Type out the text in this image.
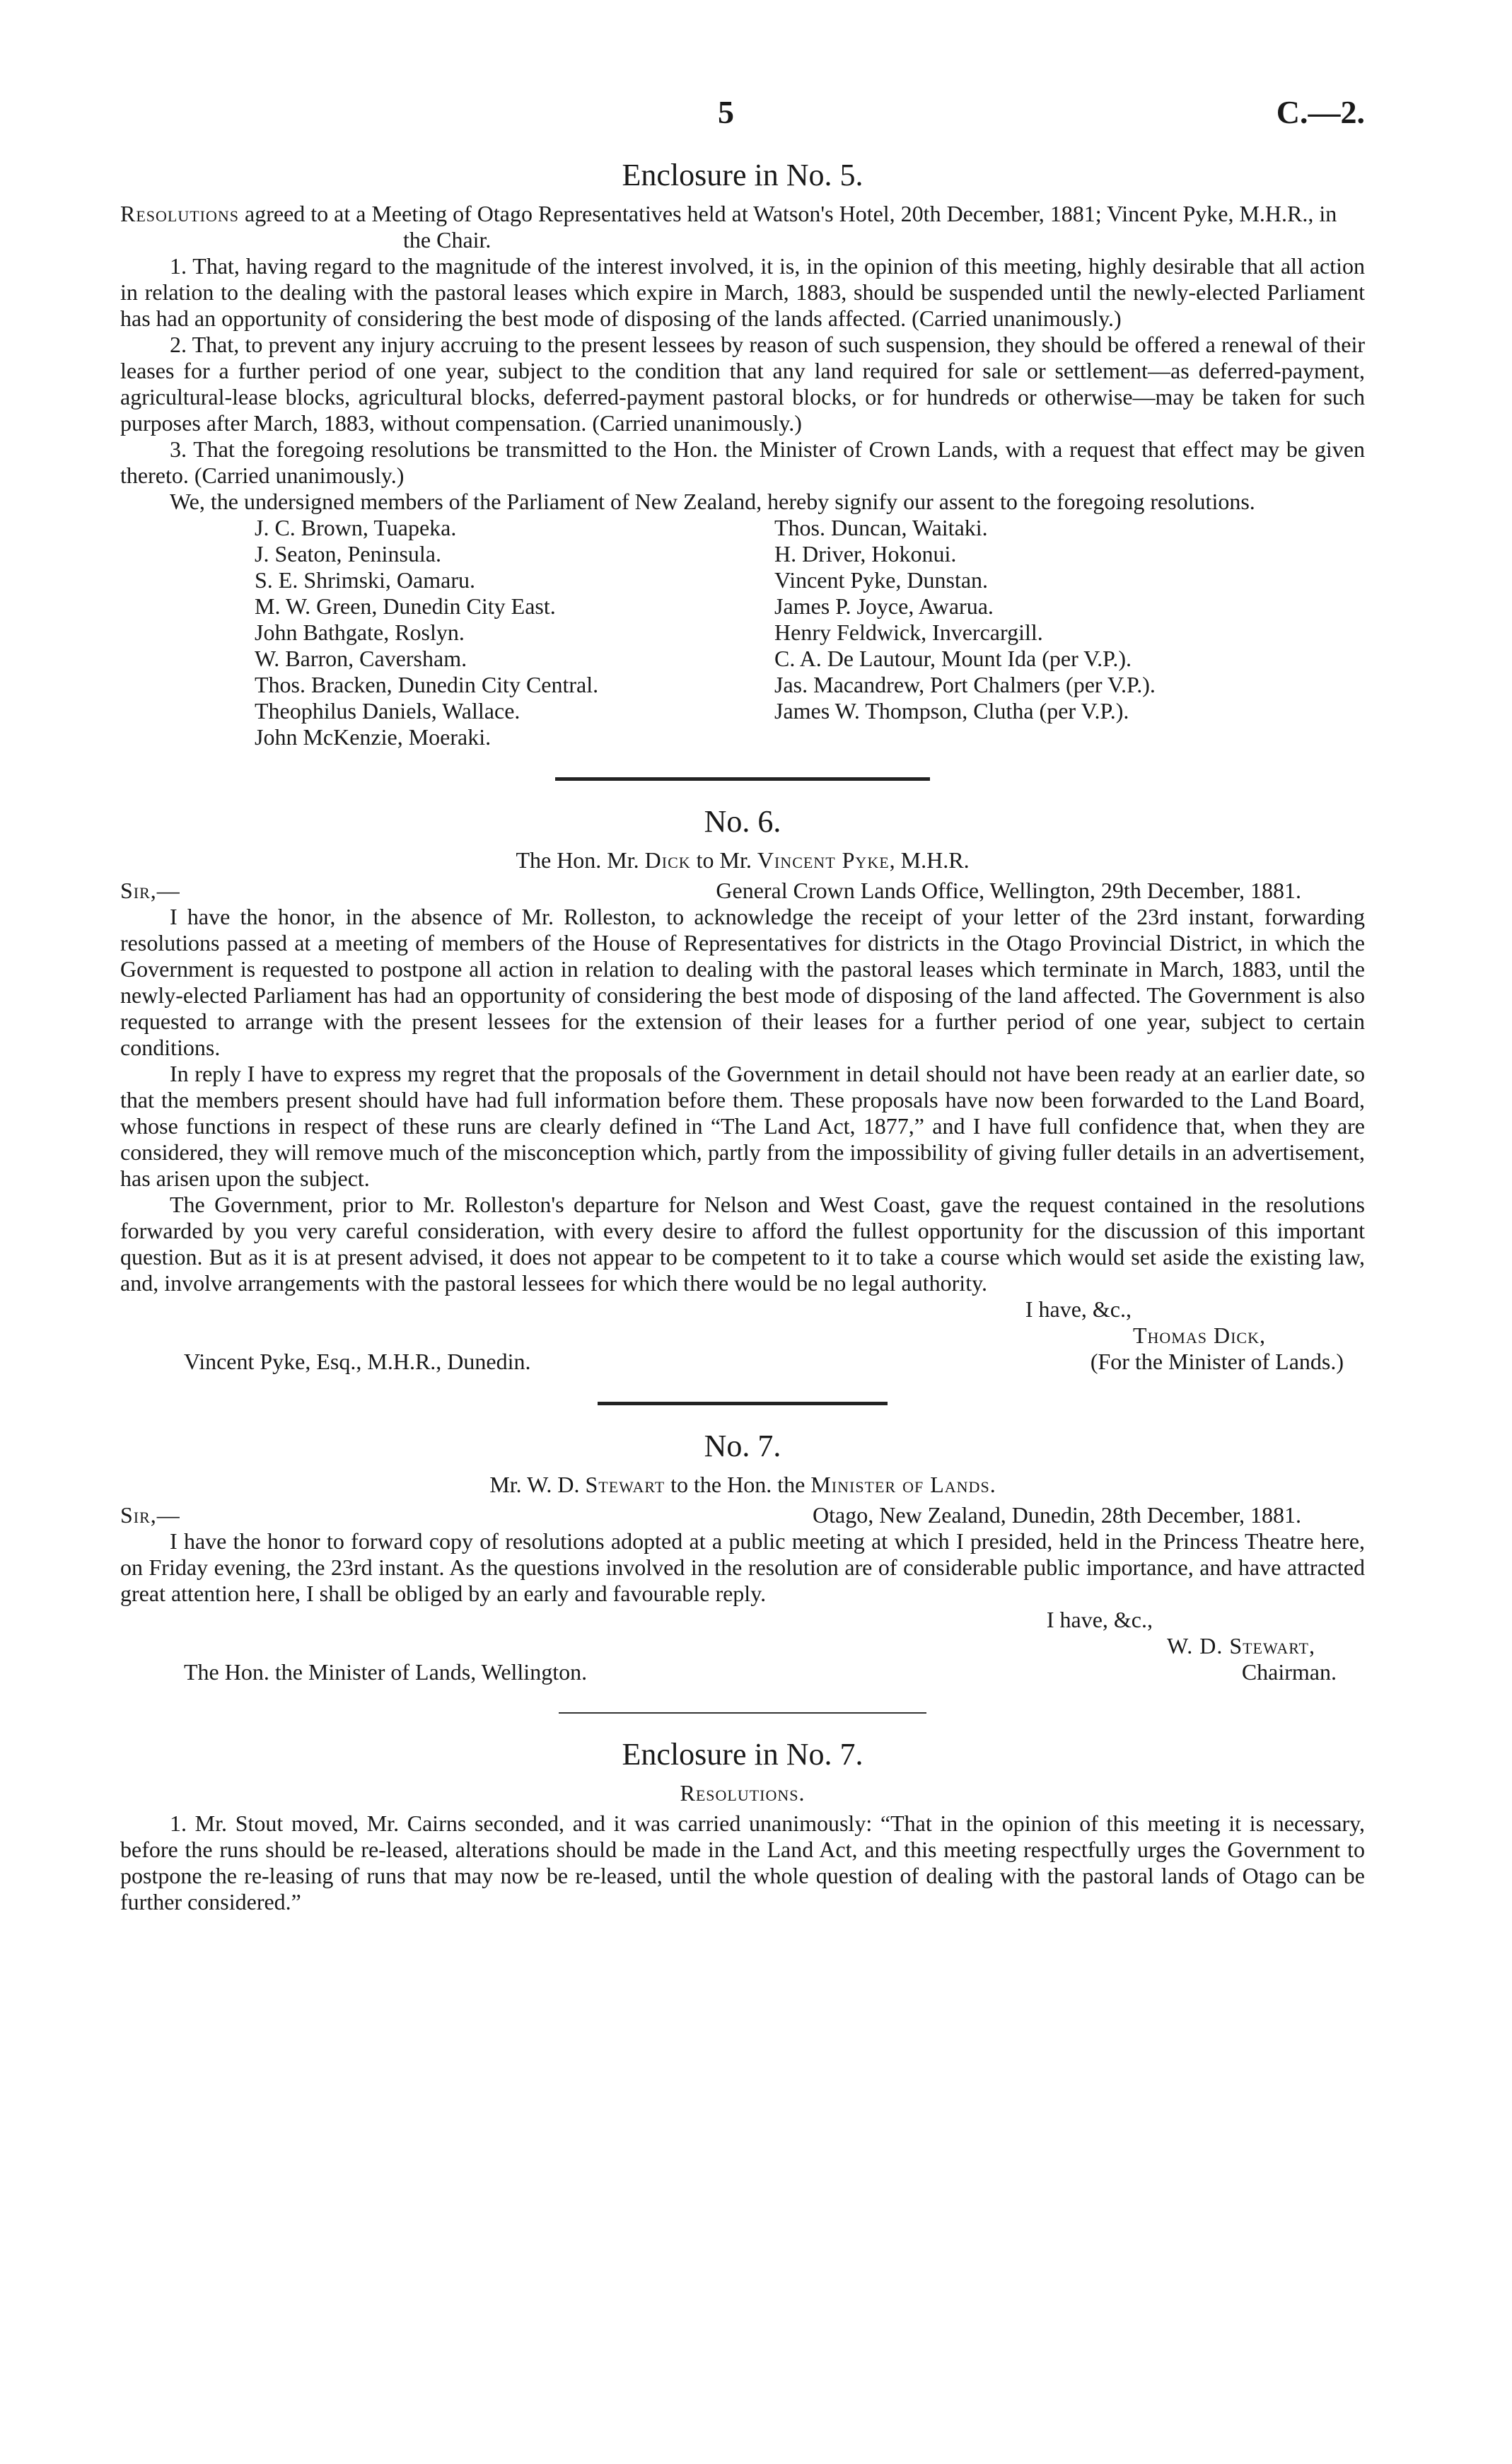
5	C.—2.
Enclosure in No. 5.

Resolutions agreed to at a Meeting of Otago Representatives held at Watson's Hotel, 20th December, 1881; Vincent Pyke, M.H.R., in the Chair.

1. That, having regard to the magnitude of the interest involved, it is, in the opinion of this meeting, highly desirable that all action in relation to the dealing with the pastoral leases which expire in March, 1883, should be suspended until the newly-elected Parliament has had an opportunity of considering the best mode of disposing of the lands affected. (Carried unanimously.)

2. That, to prevent any injury accruing to the present lessees by reason of such suspension, they should be offered a renewal of their leases for a further period of one year, subject to the condition that any land required for sale or settlement—as deferred-payment, agricultural-lease blocks, agricultural blocks, deferred-payment pastoral blocks, or for hundreds or otherwise—may be taken for such purposes after March, 1883, without compensation. (Carried unanimously.)

3. That the foregoing resolutions be transmitted to the Hon. the Minister of Crown Lands, with a request that effect may be given thereto. (Carried unanimously.)

We, the undersigned members of the Parliament of New Zealand, hereby signify our assent to the foregoing resolutions.

J. C. Brown, Tuapeka.
J. Seaton, Peninsula.
S. E. Shrimski, Oamaru.
M. W. Green, Dunedin City East.
John Bathgate, Roslyn.
W. Barron, Caversham.
Thos. Bracken, Dunedin City Central.
Theophilus Daniels, Wallace.
John McKenzie, Moeraki.
Thos. Duncan, Waitaki.
H. Driver, Hokonui.
Vincent Pyke, Dunstan.
James P. Joyce, Awarua.
Henry Feldwick, Invercargill.
C. A. De Lautour, Mount Ida (per V.P.).
Jas. Macandrew, Port Chalmers (per V.P.).
James W. Thompson, Clutha (per V.P.).
No. 6.
The Hon. Mr. Dick to Mr. Vincent Pyke, M.H.R.
Sir,—	General Crown Lands Office, Wellington, 29th December, 1881.

I have the honor, in the absence of Mr. Rolleston, to acknowledge the receipt of your letter of the 23rd instant, forwarding resolutions passed at a meeting of members of the House of Representatives for districts in the Otago Provincial District, in which the Government is requested to postpone all action in relation to dealing with the pastoral leases which terminate in March, 1883, until the newly-elected Parliament has had an opportunity of considering the best mode of disposing of the land affected. The Government is also requested to arrange with the present lessees for the extension of their leases for a further period of one year, subject to certain conditions.

In reply I have to express my regret that the proposals of the Government in detail should not have been ready at an earlier date, so that the members present should have had full information before them. These proposals have now been forwarded to the Land Board, whose functions in respect of these runs are clearly defined in “The Land Act, 1877,” and I have full confidence that, when they are considered, they will remove much of the misconception which, partly from the impossibility of giving fuller details in an advertisement, has arisen upon the subject.

The Government, prior to Mr. Rolleston's departure for Nelson and West Coast, gave the request contained in the resolutions forwarded by you very careful consideration, with every desire to afford the fullest opportunity for the discussion of this important question. But as it is at present advised, it does not appear to be competent to it to take a course which would set aside the existing law, and, involve arrangements with the pastoral lessees for which there would be no legal authority.

I have, &c.,
Thomas Dick,
Vincent Pyke, Esq., M.H.R., Dunedin.	(For the Minister of Lands.)
No. 7.
Mr. W. D. Stewart to the Hon. the Minister of Lands.
Sir,—	Otago, New Zealand, Dunedin, 28th December, 1881.

I have the honor to forward copy of resolutions adopted at a public meeting at which I presided, held in the Princess Theatre here, on Friday evening, the 23rd instant. As the questions involved in the resolution are of considerable public importance, and have attracted great attention here, I shall be obliged by an early and favourable reply.

I have, &c.,
W. D. Stewart,
The Hon. the Minister of Lands, Wellington.	Chairman.
Enclosure in No. 7.
Resolutions.

1. Mr. Stout moved, Mr. Cairns seconded, and it was carried unanimously: “That in the opinion of this meeting it is necessary, before the runs should be re-leased, alterations should be made in the Land Act, and this meeting respectfully urges the Government to postpone the re-leasing of runs that may now be re-leased, until the whole question of dealing with the pastoral lands of Otago can be further considered.”
